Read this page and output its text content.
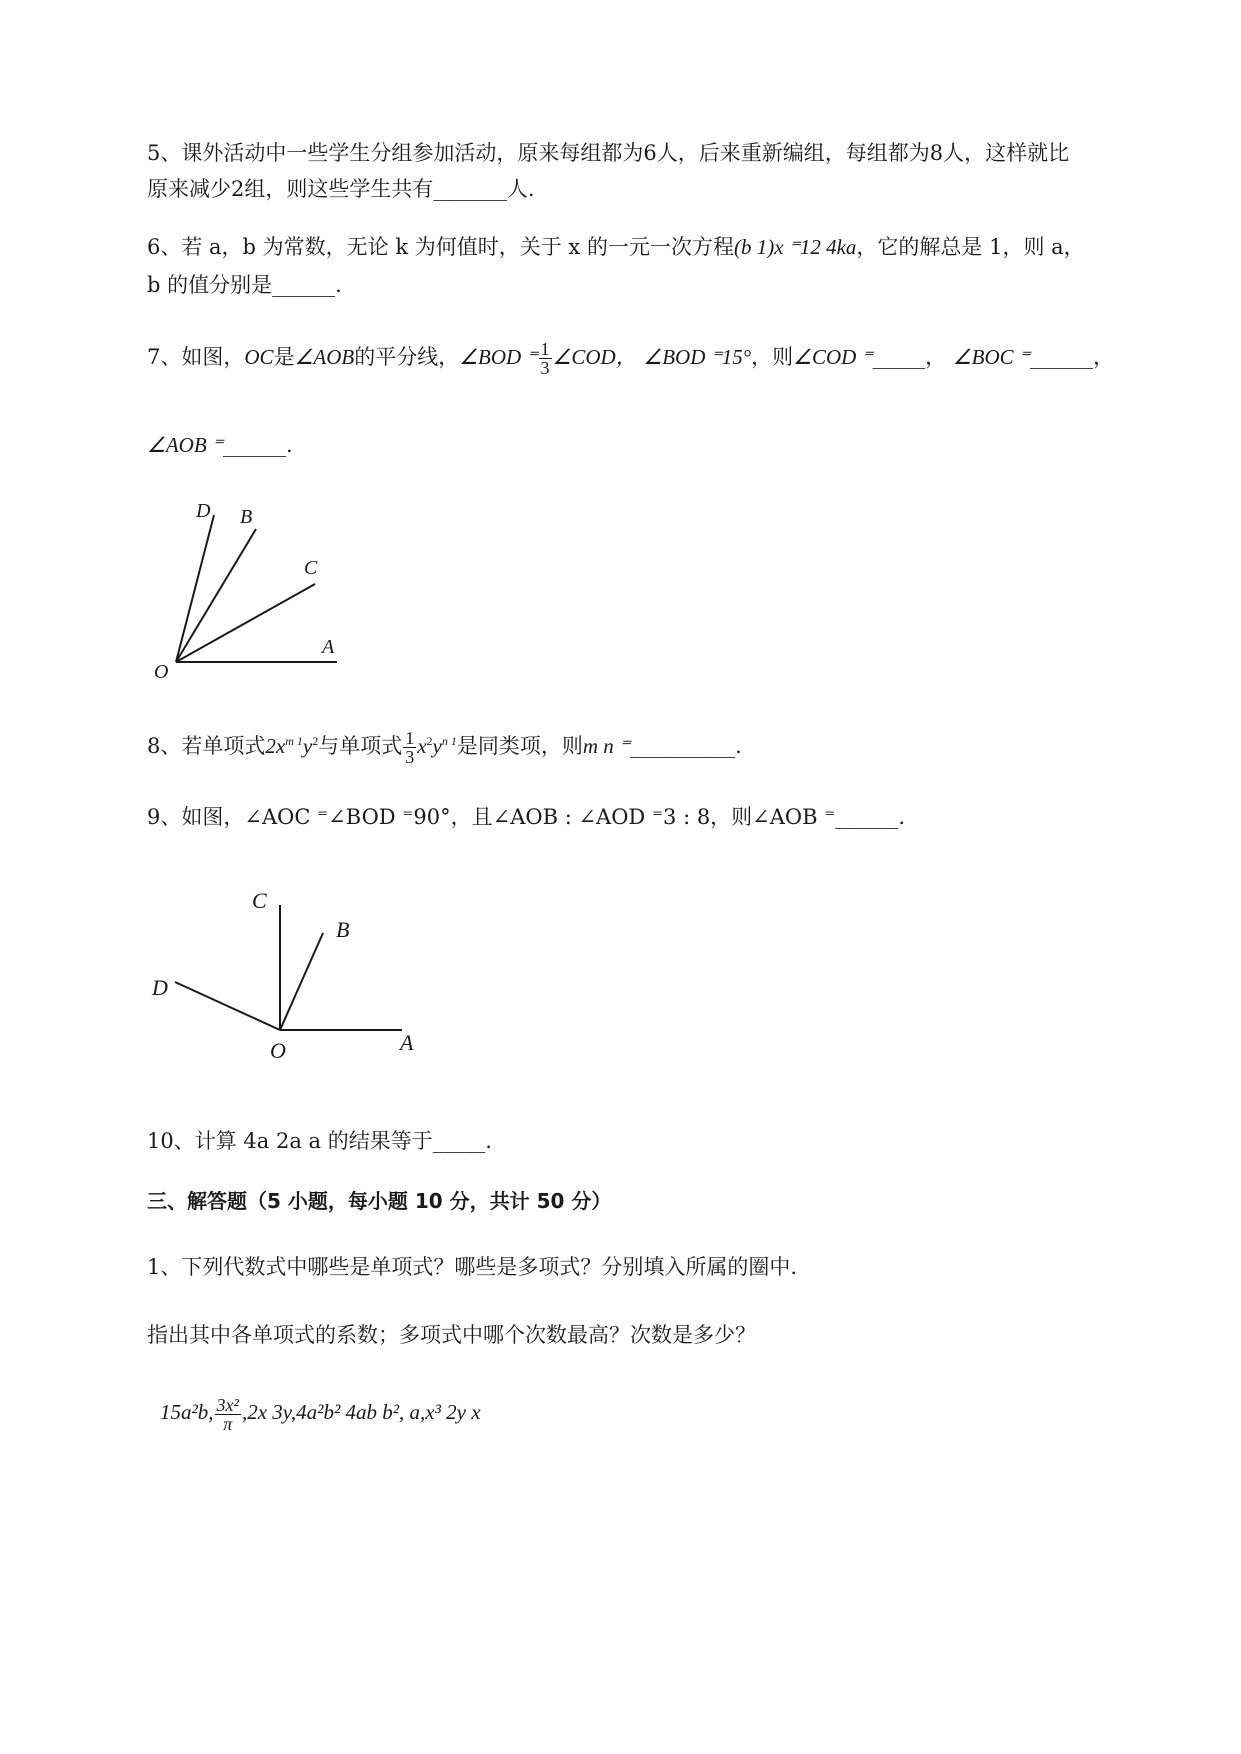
5、课外活动中一些学生分组参加活动，原来每组都为6人，后来重新编组，每组都为8人，这样就比
原来减少2组，则这些学生共有_______人.
6、若 a，b 为常数，无论 k 为何值时，关于 x 的一元一次方程(b 1)x ⁼12 4ka，它的解总是 1，则 a，
b 的值分别是______.
7、如图，OC是∠AOB的平分线，∠BOD ⁼ $\frac{1}{3}$ ∠COD， ∠BOD ⁼15°，则∠COD ⁼_____， ∠BOC ⁼______，
∠AOB ⁼______.
D B
C
A
O
8、若单项式$2x^{m 1}y^2$与单项式 $\frac{1}{3} x^2y^{n 1}$是同类项，则m n ⁼__________.
9、如图，∠AOC ⁼∠BOD ⁼90°，且∠AOB : ∠AOD ⁼3 : 8，则∠AOB ⁼______.
C
B
D
O	A
10、计算 4a 2a a 的结果等于_____.
三、解答题（5 小题，每小题 10 分，共计 50 分）
1、下列代数式中哪些是单项式？哪些是多项式？分别填入所属的圈中.
指出其中各单项式的系数；多项式中哪个次数最高？次数是多少？
15a²b, $\frac{\text{3x²}}{\pi} ,2x$ 3y,4a²b² 4ab b², a,x³ 2y x
